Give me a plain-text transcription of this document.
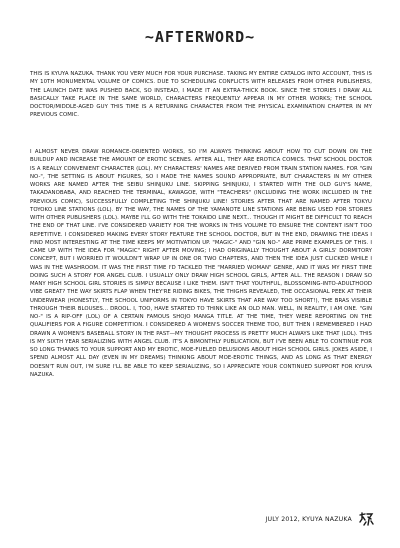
~AFTERWORD~

THIS IS KYUYA NAZUKA. THANK YOU VERY MUCH FOR YOUR PURCHASE. TAKING MY ENTIRE CATALOG INTO ACCOUNT, THIS IS MY 10TH MONUMENTAL VOLUME OF COMICS. DUE TO SCHEDULING CONFLICTS WITH RELEASES FROM OTHER PUBLISHERS, THE LAUNCH DATE WAS PUSHED BACK, SO INSTEAD, I MADE IT AN EXTRA-THICK BOOK. SINCE THE STORIES I DRAW ALL BASICALLY TAKE PLACE IN THE SAME WORLD, CHARACTERS FREQUENTLY APPEAR IN MY OTHER WORKS; THE SCHOOL DOCTOR/MIDDLE-AGED GUY THIS TIME IS A RETURNING CHARACTER FROM THE PHYSICAL EXAMINATION CHAPTER IN MY PREVIOUS COMIC.

I ALMOST NEVER DRAW ROMANCE-ORIENTED WORKS, SO I'M ALWAYS THINKING ABOUT HOW TO CUT DOWN ON THE BUILDUP AND INCREASE THE AMOUNT OF EROTIC SCENES. AFTER ALL, THEY ARE EROTICA COMICS. THAT SCHOOL DOCTOR IS A REALLY CONVENIENT CHARACTER (LOL). MY CHARACTERS' NAMES ARE DERIVED FROM TRAIN STATION NAMES. FOR "GIN NO-", THE SETTING IS ABOUT FIGURES, SO I MADE THE NAMES SOUND APPROPRIATE, BUT CHARACTERS IN MY OTHER WORKS ARE NAMED AFTER THE SEIBU SHINJUKU LINE. SKIPPING SHINJUKU, I STARTED WITH THE OLD GUY'S NAME, TAKADANOBABA, AND REACHED THE TERMINAL, KAWAGOE, WITH "TEACHERS" (INCLUDING THE WORK INCLUDED IN THE PREVIOUS COMIC), SUCCESSFULLY COMPLETING THE SHINJUKU LINE! STORIES AFTER THAT ARE NAMED AFTER TOKYU TOYOKO LINE STATIONS (LOL). BY THE WAY, THE NAMES OF THE YAMANOTE LINE STATIONS ARE BEING USED FOR STORIES WITH OTHER PUBLISHERS (LOL). MAYBE I'LL GO WITH THE TOKAIDO LINE NEXT... THOUGH IT MIGHT BE DIFFICULT TO REACH THE END OF THAT LINE. I'VE CONSIDERED VARIETY FOR THE WORKS IN THIS VOLUME TO ENSURE THE CONTENT ISN'T TOO REPETITIVE. I CONSIDERED MAKING EVERY STORY FEATURE THE SCHOOL DOCTOR, BUT IN THE END, DRAWING THE IDEAS I FIND MOST INTERESTING AT THE TIME KEEPS MY MOTIVATION UP. "MAGIC-" AND "GIN NO-" ARE PRIME EXAMPLES OF THIS. I CAME UP WITH THE IDEA FOR "MAGIC" RIGHT AFTER MOVING; I HAD ORIGINALLY THOUGHT ABOUT A GIRLS' DORMITORY CONCEPT, BUT I WORRIED IT WOULDN'T WRAP UP IN ONE OR TWO CHAPTERS, AND THEN THE IDEA JUST CLICKED WHILE I WAS IN THE WASHROOM. IT WAS THE FIRST TIME I'D TACKLED THE "MARRIED WOMAN" GENRE, AND IT WAS MY FIRST TIME DOING SUCH A STORY FOR ANGEL CLUB. I USUALLY ONLY DRAW HIGH SCHOOL GIRLS, AFTER ALL. THE REASON I DRAW SO MANY HIGH SCHOOL GIRL STORIES IS SIMPLY BECAUSE I LIKE THEM. ISN'T THAT YOUTHFUL, BLOSSOMING-INTO-ADULTHOOD VIBE GREAT? THE WAY SKIRTS FLAP WHEN THEY'RE RIDING BIKES, THE THIGHS REVEALED, THE OCCASIONAL PEEK AT THEIR UNDERWEAR (HONESTLY, THE SCHOOL UNIFORMS IN TOKYO HAVE SKIRTS THAT ARE WAY TOO SHORT!), THE BRAS VISIBLE THROUGH THEIR BLOUSES... DROOL. I, TOO, HAVE STARTED TO THINK LIKE AN OLD MAN. WELL, IN REALITY, I AM ONE. "GIN NO-" IS A RIP-OFF (LOL) OF A CERTAIN FAMOUS SHOJO MANGA TITLE. AT THE TIME, THEY WERE REPORTING ON THE QUALIFIERS FOR A FIGURE COMPETITION. I CONSIDERED A WOMEN'S SOCCER THEME TOO, BUT THEN I REMEMBERED I HAD DRAWN A WOMEN'S BASEBALL STORY IN THE PAST—MY THOUGHT PROCESS IS PRETTY MUCH ALWAYS LIKE THAT (LOL). THIS IS MY SIXTH YEAR SERIALIZING WITH ANGEL CLUB. IT'S A BIMONTHLY PUBLICATION, BUT I'VE BEEN ABLE TO CONTINUE FOR SO LONG THANKS TO YOUR SUPPORT AND MY EROTIC, MOE-FUELED DELUSIONS ABOUT HIGH SCHOOL GIRLS. JOKES ASIDE, I SPEND ALMOST ALL DAY (EVEN IN MY DREAMS) THINKING ABOUT MOE-EROTIC THINGS, AND AS LONG AS THAT ENERGY DOESN'T RUN OUT, I'M SURE I'LL BE ABLE TO KEEP SERIALIZING, SO I APPRECIATE YOUR CONTINUED SUPPORT FOR KYUYA NAZUKA.

JULY 2012, KYUYA NAZUKA
